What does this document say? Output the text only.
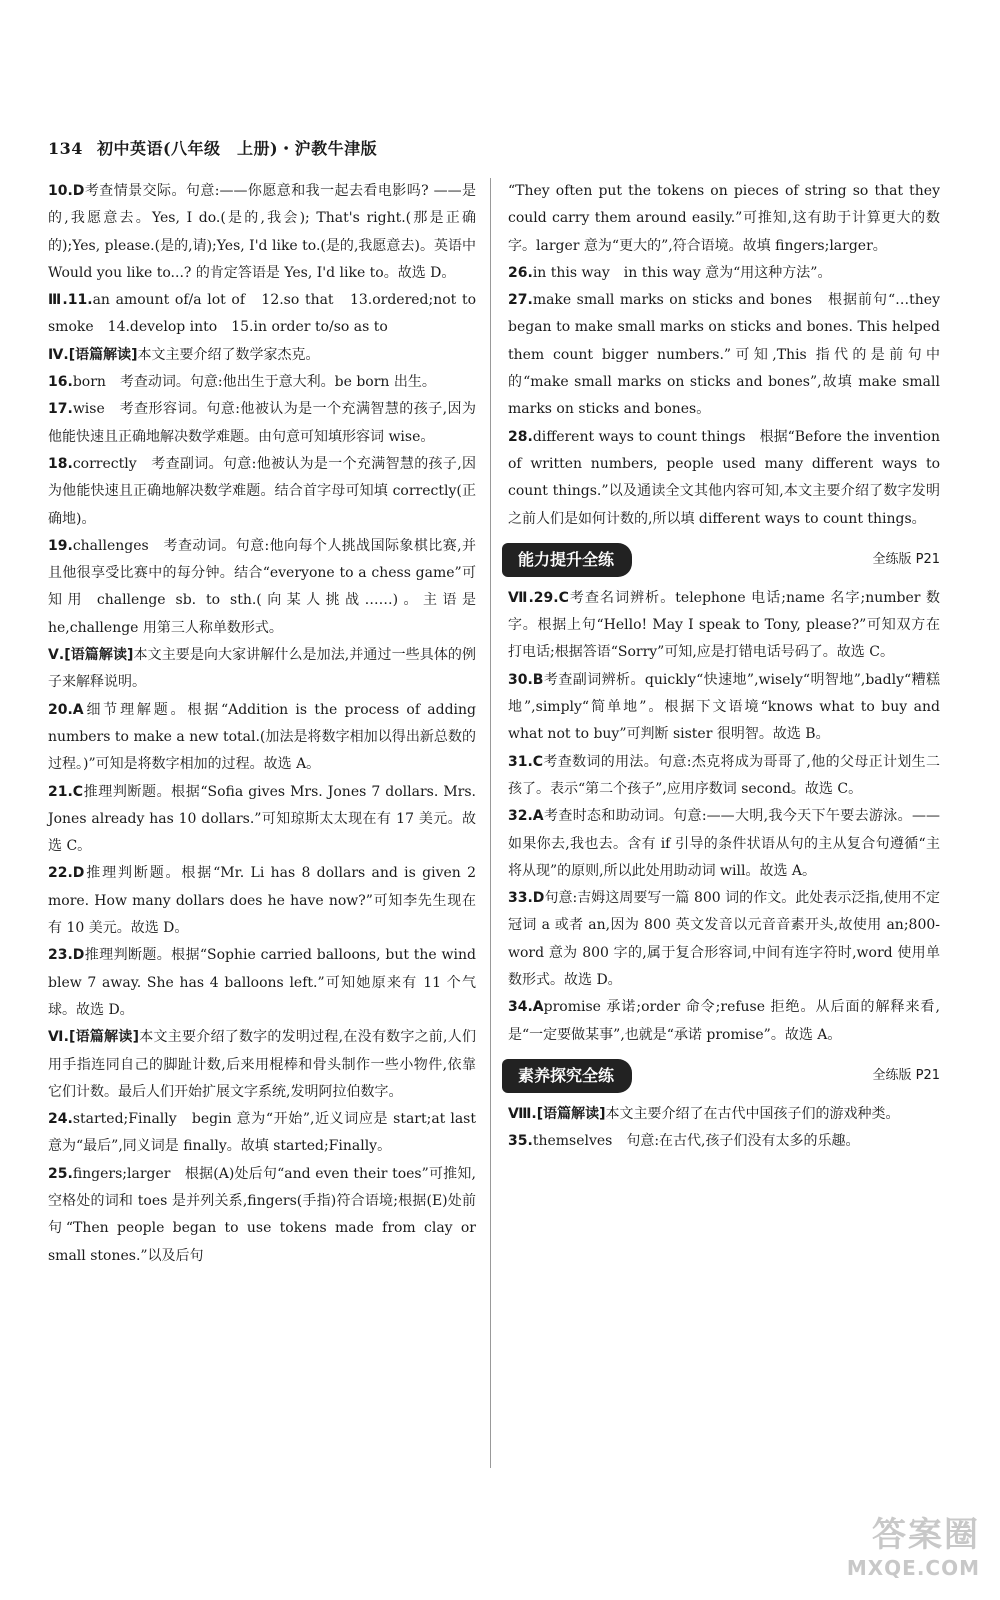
134 初中英语(八年级　上册)・沪教牛津版

10.D考查情景交际。句意:——你愿意和我一起去看电影吗? ——是的,我愿意去。Yes, I do.(是的,我会); That's right.(那是正确的);Yes, please.(是的,请);Yes, I'd like to.(是的,我愿意去)。英语中 Would you like to...? 的肯定答语是 Yes, I'd like to。故选 D。

Ⅲ.11.an amount of/a lot of　12.so that　13.ordered;not to smoke　14.develop into　15.in order to/so as to

Ⅳ.[语篇解读]本文主要介绍了数学家杰克。

16.born　考查动词。句意:他出生于意大利。be born 出生。

17.wise　考查形容词。句意:他被认为是一个充满智慧的孩子,因为他能快速且正确地解决数学难题。由句意可知填形容词 wise。

18.correctly　考查副词。句意:他被认为是一个充满智慧的孩子,因为他能快速且正确地解决数学难题。结合首字母可知填 correctly(正确地)。

19.challenges　考查动词。句意:他向每个人挑战国际象棋比赛,并且他很享受比赛中的每分钟。结合“everyone to a chess game”可知用 challenge sb. to sth.(向某人挑战……)。主语是 he,challenge 用第三人称单数形式。

Ⅴ.[语篇解读]本文主要是向大家讲解什么是加法,并通过一些具体的例子来解释说明。

20.A细节理解题。根据“Addition is the process of adding numbers to make a new total.(加法是将数字相加以得出新总数的过程。)”可知是将数字相加的过程。故选 A。

21.C推理判断题。根据“Sofia gives Mrs. Jones 7 dollars. Mrs. Jones already has 10 dollars.”可知琼斯太太现在有 17 美元。故选 C。

22.D推理判断题。根据“Mr. Li has 8 dollars and is given 2 more. How many dollars does he have now?”可知李先生现在有 10 美元。故选 D。

23.D推理判断题。根据“Sophie carried balloons, but the wind blew 7 away. She has 4 balloons left.”可知她原来有 11 个气球。故选 D。

Ⅵ.[语篇解读]本文主要介绍了数字的发明过程,在没有数字之前,人们用手指连同自己的脚趾计数,后来用棍棒和骨头制作一些小物件,依靠它们计数。最后人们开始扩展文字系统,发明阿拉伯数字。

24.started;Finally　begin 意为“开始”,近义词应是 start;at last 意为“最后”,同义词是 finally。故填 started;Finally。

25.fingers;larger　根据(A)处后句“and even their toes”可推知,空格处的词和 toes 是并列关系,fingers(手指)符合语境;根据(E)处前句“Then people began to use tokens made from clay or small stones.”以及后句

“They often put the tokens on pieces of string so that they could carry them around easily.”可推知,这有助于计算更大的数字。larger 意为“更大的”,符合语境。故填 fingers;larger。

26.in this way　in this way 意为“用这种方法”。

27.make small marks on sticks and bones　根据前句“…they began to make small marks on sticks and bones. This helped them count bigger numbers.”可知,This 指代的是前句中的“make small marks on sticks and bones”,故填 make small marks on sticks and bones。

28.different ways to count things　根据“Before the invention of written numbers, people used many different ways to count things.”以及通读全文其他内容可知,本文主要介绍了数字发明之前人们是如何计数的,所以填 different ways to count things。

能力提升全练	全练版 P21

Ⅶ.29.C考查名词辨析。telephone 电话;name 名字;number 数字。根据上句“Hello! May I speak to Tony, please?”可知双方在打电话;根据答语“Sorry”可知,应是打错电话号码了。故选 C。

30.B考查副词辨析。quickly“快速地”,wisely“明智地”,badly“糟糕地”,simply“简单地”。根据下文语境“knows what to buy and what not to buy”可判断 sister 很明智。故选 B。

31.C考查数词的用法。句意:杰克将成为哥哥了,他的父母正计划生二孩了。表示“第二个孩子”,应用序数词 second。故选 C。

32.A考查时态和助动词。句意:——大明,我今天下午要去游泳。——如果你去,我也去。含有 if 引导的条件状语从句的主从复合句遵循“主将从现”的原则,所以此处用助动词 will。故选 A。

33.D句意:吉姆这周要写一篇 800 词的作文。此处表示泛指,使用不定冠词 a 或者 an,因为 800 英文发音以元音音素开头,故使用 an;800-word 意为 800 字的,属于复合形容词,中间有连字符时,word 使用单数形式。故选 D。

34.Apromise 承诺;order 命令;refuse 拒绝。从后面的解释来看,是“一定要做某事”,也就是“承诺 promise”。故选 A。

素养探究全练	全练版 P21

Ⅷ.[语篇解读]本文主要介绍了在古代中国孩子们的游戏种类。

35.themselves　句意:在古代,孩子们没有太多的乐趣。

答案圈
MXQE.COM
